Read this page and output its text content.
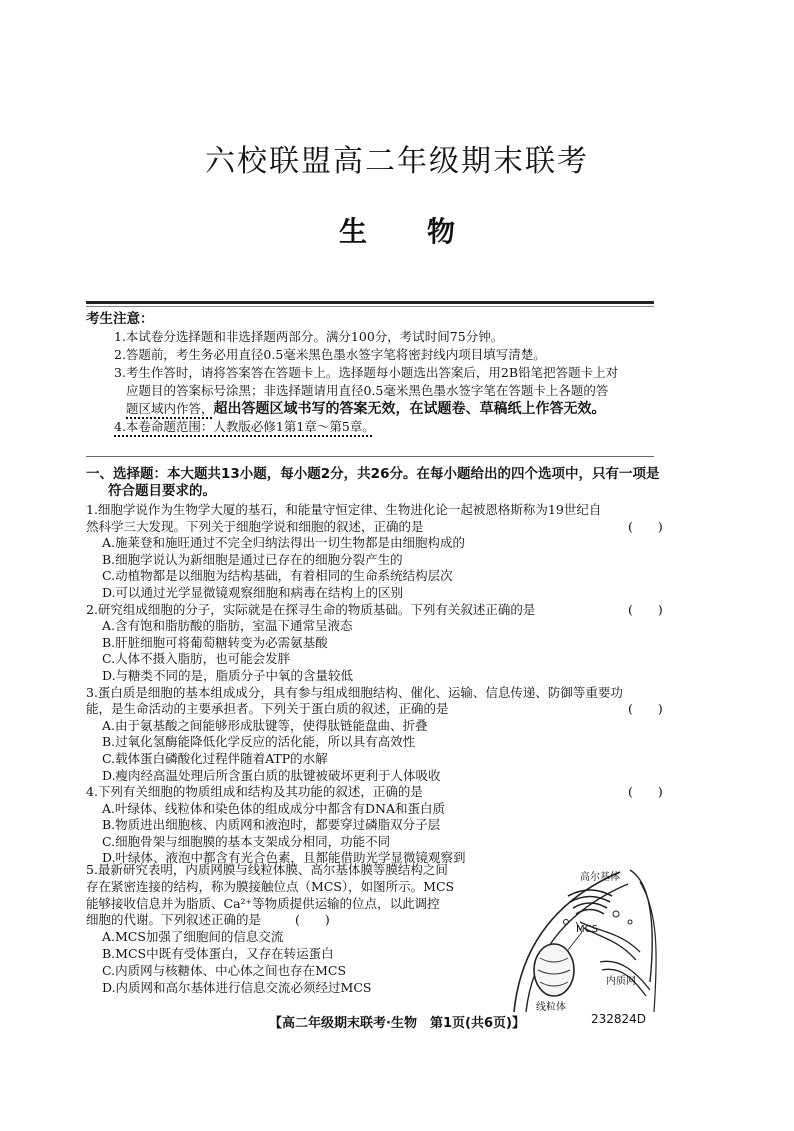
六校联盟高二年级期末联考
生物
考生注意：
1.本试卷分选择题和非选择题两部分。满分100分，考试时间75分钟。
2.答题前，考生务必用直径0.5毫米黑色墨水签字笔将密封线内项目填写清楚。
3.考生作答时，请将答案答在答题卡上。选择题每小题选出答案后，用2B铅笔把答题卡上对
应题目的答案标号涂黑；非选择题请用直径0.5毫米黑色墨水签字笔在答题卡上各题的答
题区域内作答，超出答题区域书写的答案无效，在试题卷、草稿纸上作答无效。
4.本卷命题范围：人教版必修1第1章～第5章。
一、选择题：本大题共13小题，每小题2分，共26分。在每小题给出的四个选项中，只有一项是
符合题目要求的。
1.细胞学说作为生物学大厦的基石，和能量守恒定律、生物进化论一起被恩格斯称为19世纪自
然科学三大发现。下列关于细胞学说和细胞的叙述，正确的是	(　　)
A.施莱登和施旺通过不完全归纳法得出一切生物都是由细胞构成的
B.细胞学说认为新细胞是通过已存在的细胞分裂产生的
C.动植物都是以细胞为结构基础，有着相同的生命系统结构层次
D.可以通过光学显微镜观察细胞和病毒在结构上的区别
2.研究组成细胞的分子，实际就是在探寻生命的物质基础。下列有关叙述正确的是	(　　)
A.含有饱和脂肪酸的脂肪，室温下通常呈液态
B.肝脏细胞可将葡萄糖转变为必需氨基酸
C.人体不摄入脂肪，也可能会发胖
D.与糖类不同的是，脂质分子中氧的含量较低
3.蛋白质是细胞的基本组成成分，具有参与组成细胞结构、催化、运输、信息传递、防御等重要功
能，是生命活动的主要承担者。下列关于蛋白质的叙述，正确的是	(　　)
A.由于氨基酸之间能够形成肽键等，使得肽链能盘曲、折叠
B.过氧化氢酶能降低化学反应的活化能，所以具有高效性
C.载体蛋白磷酸化过程伴随着ATP的水解
D.瘦肉经高温处理后所含蛋白质的肽键被破坏更利于人体吸收
4.下列有关细胞的物质组成和结构及其功能的叙述，正确的是	(　　)
A.叶绿体、线粒体和染色体的组成成分中都含有DNA和蛋白质
B.物质进出细胞核、内质网和液泡时，都要穿过磷脂双分子层
C.细胞骨架与细胞膜的基本支架成分相同，功能不同
D.叶绿体、液泡中都含有光合色素，且都能借助光学显微镜观察到
5.最新研究表明，内质网膜与线粒体膜、高尔基体膜等膜结构之间
存在紧密连接的结构，称为膜接触位点（MCS），如图所示。MCS
能够接收信息并为脂质、Ca²⁺等物质提供运输的位点，以此调控
细胞的代谢。下列叙述正确的是	(　　)
A.MCS加强了细胞间的信息交流
B.MCS中既有受体蛋白，又存在转运蛋白
C.内质网与核糖体、中心体之间也存在MCS
D.内质网和高尔基体进行信息交流必须经过MCS
高尔基体
MCS
线粒体
内质网
【高二年级期末联考·生物　第1页(共6页)】	232824D
